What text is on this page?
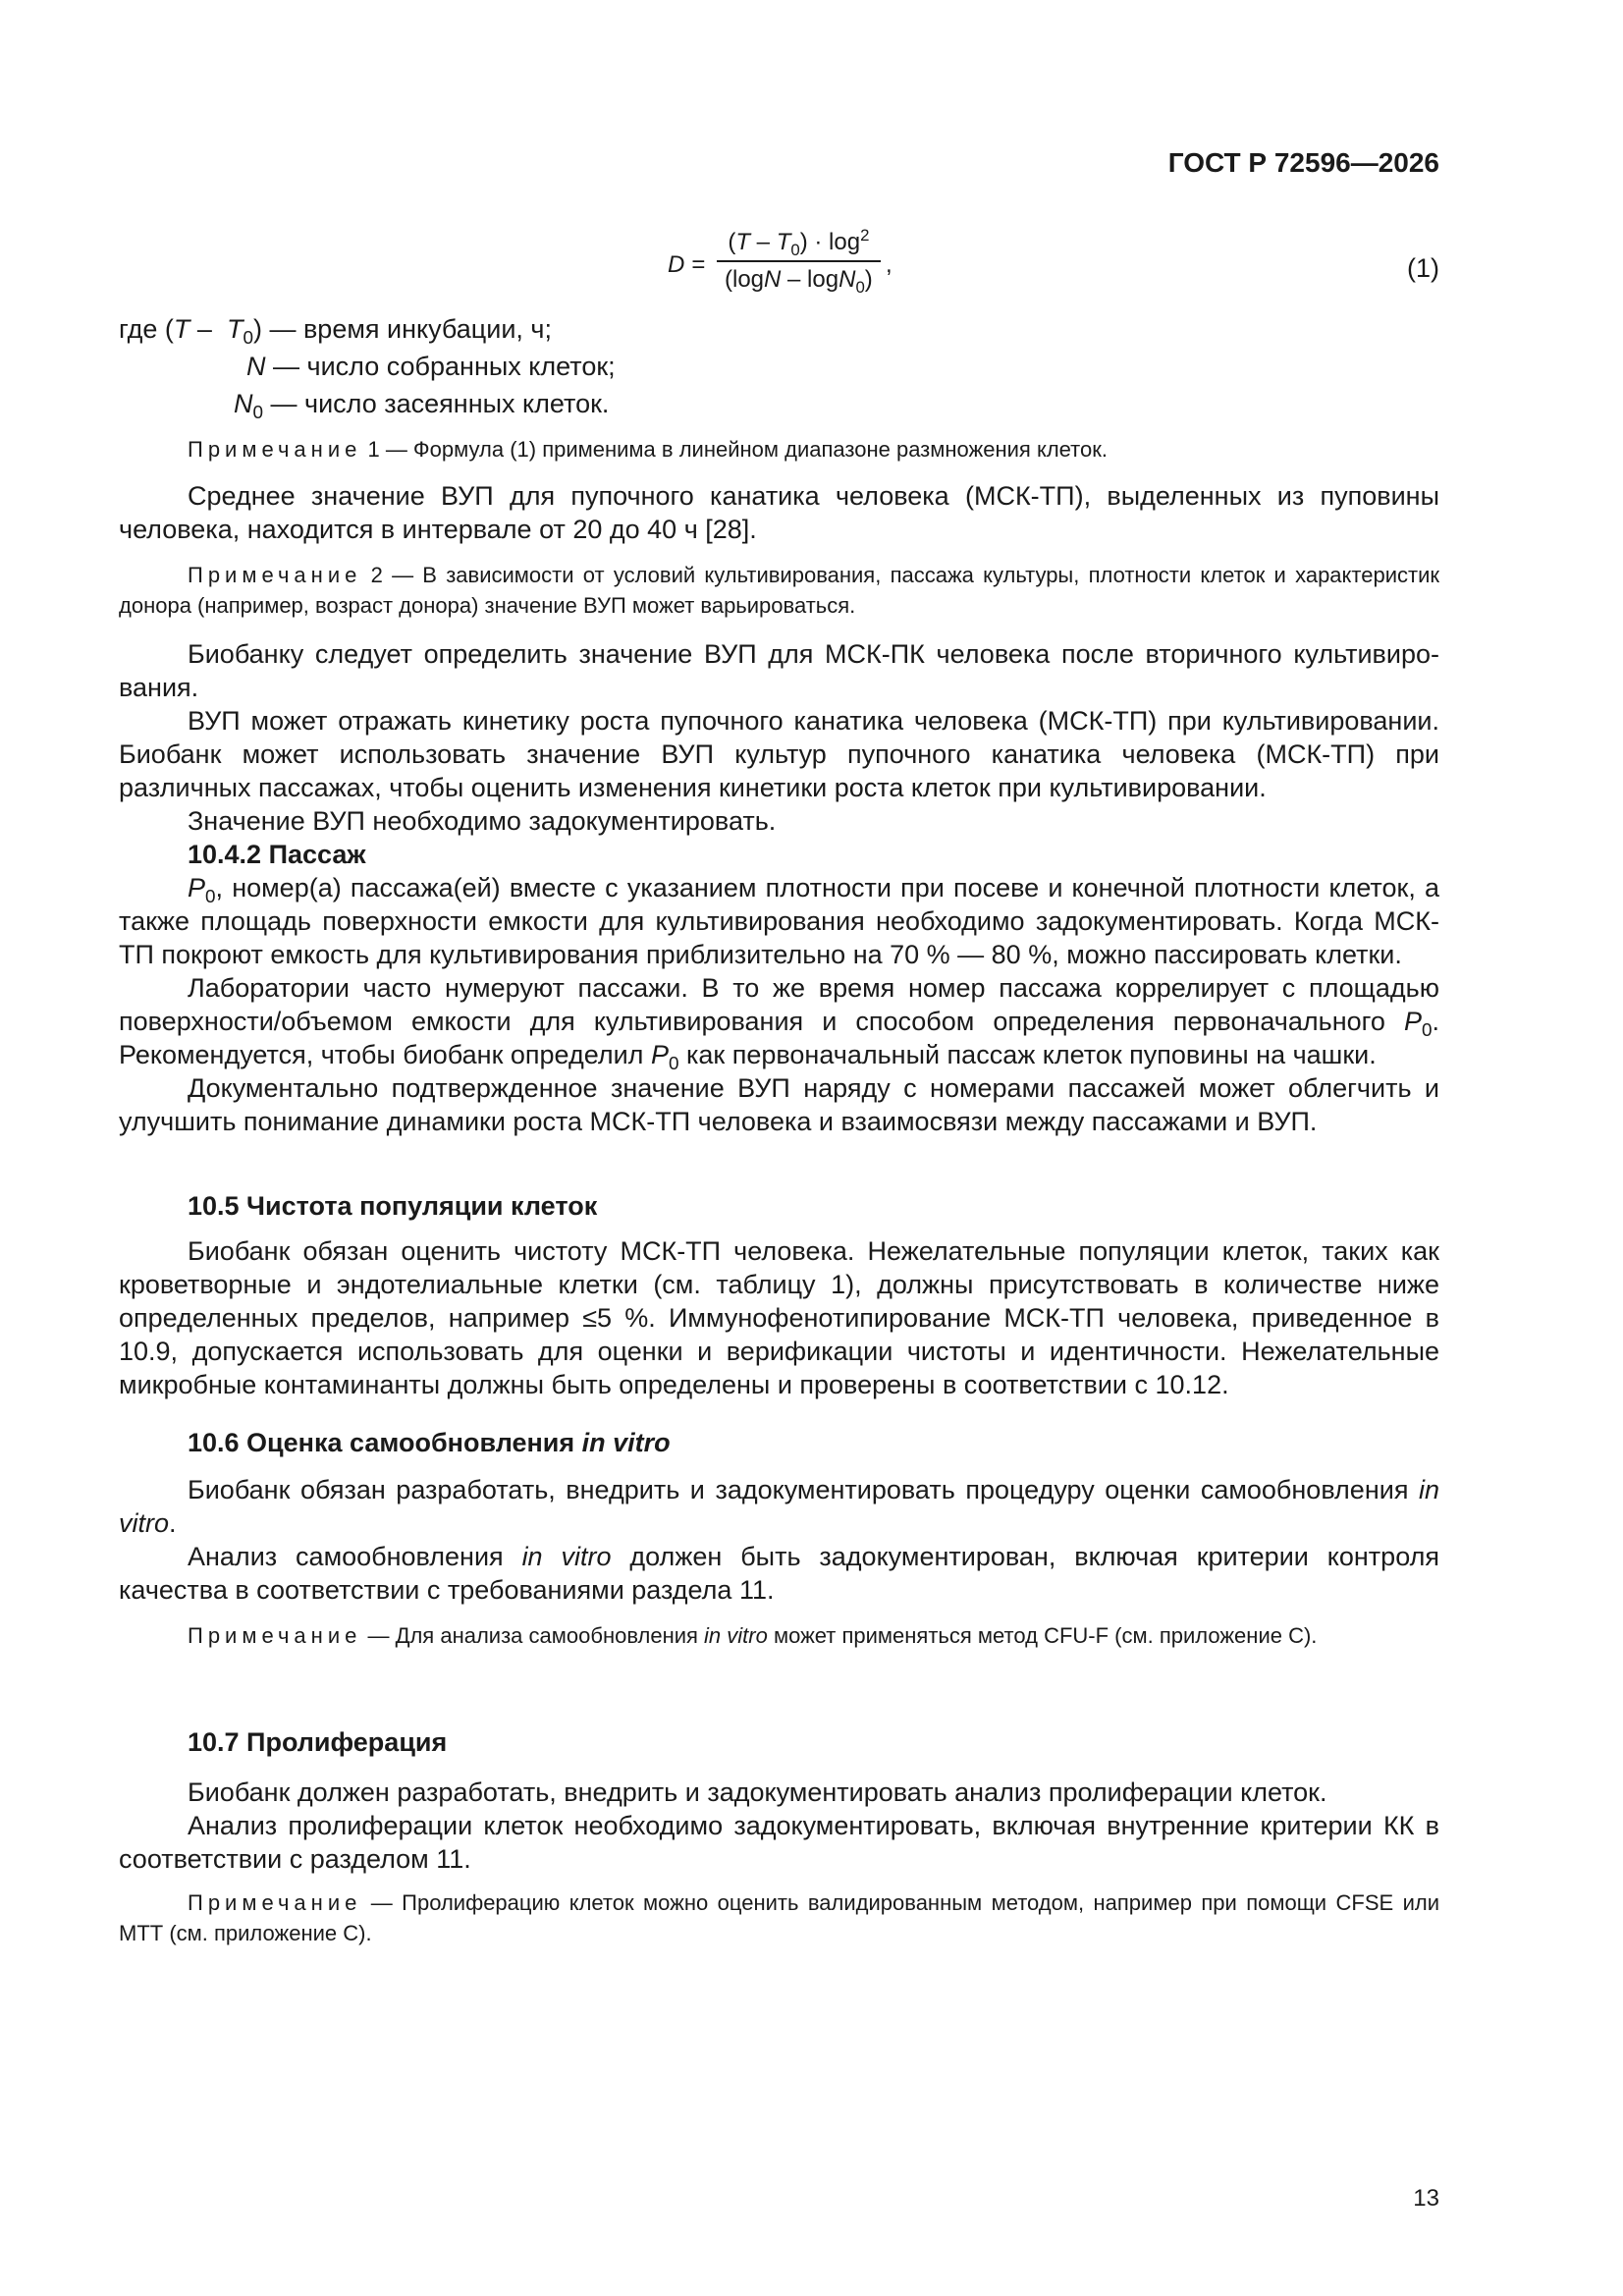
ГОСТ Р 72596—2026
$D = \frac{(T - T_0) \cdot \log^2}{(\log N - \log N_0)}$ ,	(1)
где $(T - T_0)$ — время инкубации, ч;
N — число собранных клеток;
$N_0$ — число засеянных клеток.

Примечание 1 — Формула (1) применима в линейном диапазоне размножения клеток.

Среднее значение ВУП для пупочного канатика человека (МСК-ТП), выделенных из пуповины человека, находится в интервале от 20 до 40 ч [28].

Примечание 2 — В зависимости от условий культивирования, пассажа культуры, плотности клеток и характеристик донора (например, возраст донора) значение ВУП может варьироваться.

Биобанку следует определить значение ВУП для МСК-ПК человека после вторичного культивиро-вания.

ВУП может отражать кинетику роста пупочного канатика человека (МСК-ТП) при культивировании. Биобанк может использовать значение ВУП культур пупочного канатика человека (МСК-ТП) при различных пассажах, чтобы оценить изменения кинетики роста клеток при культивировании.

Значение ВУП необходимо задокументировать.

10.4.2 Пассаж

$P_0$, номер(а) пассажа(ей) вместе с указанием плотности при посеве и конечной плотности клеток, а также площадь поверхности емкости для культивирования необходимо задокументировать. Когда МСК-ТП покроют емкость для культивирования приблизительно на 70 % — 80 %, можно пассировать клетки.

Лаборатории часто нумеруют пассажи. В то же время номер пассажа коррелирует с площадью поверхности/объемом емкости для культивирования и способом определения первоначального $P_0$. Рекомендуется, чтобы биобанк определил $P_0$ как первоначальный пассаж клеток пуповины на чашки.

Документально подтвержденное значение ВУП наряду с номерами пассажей может облегчить и улучшить понимание динамики роста МСК-ТП человека и взаимосвязи между пассажами и ВУП.

10.5 Чистота популяции клеток

Биобанк обязан оценить чистоту МСК-ТП человека. Нежелательные популяции клеток, таких как кроветворные и эндотелиальные клетки (см. таблицу 1), должны присутствовать в количестве ниже определенных пределов, например ≤5 %. Иммунофенотипирование МСК-ТП человека, приведенное в 10.9, допускается использовать для оценки и верификации чистоты и идентичности. Нежелательные микробные контаминанты должны быть определены и проверены в соответствии с 10.12.

10.6 Оценка самообновления in vitro

Биобанк обязан разработать, внедрить и задокументировать процедуру оценки самообновления in vitro.

Анализ самообновления in vitro должен быть задокументирован, включая критерии контроля качества в соответствии с требованиями раздела 11.

Примечание — Для анализа самообновления in vitro может применяться метод CFU-F (см. приложение С).

10.7 Пролиферация

Биобанк должен разработать, внедрить и задокументировать анализ пролиферации клеток.

Анализ пролиферации клеток необходимо задокументировать, включая внутренние критерии КК в соответствии с разделом 11.

Примечание — Пролиферацию клеток можно оценить валидированным методом, например при помощи CFSE или МТТ (см. приложение С).

13
